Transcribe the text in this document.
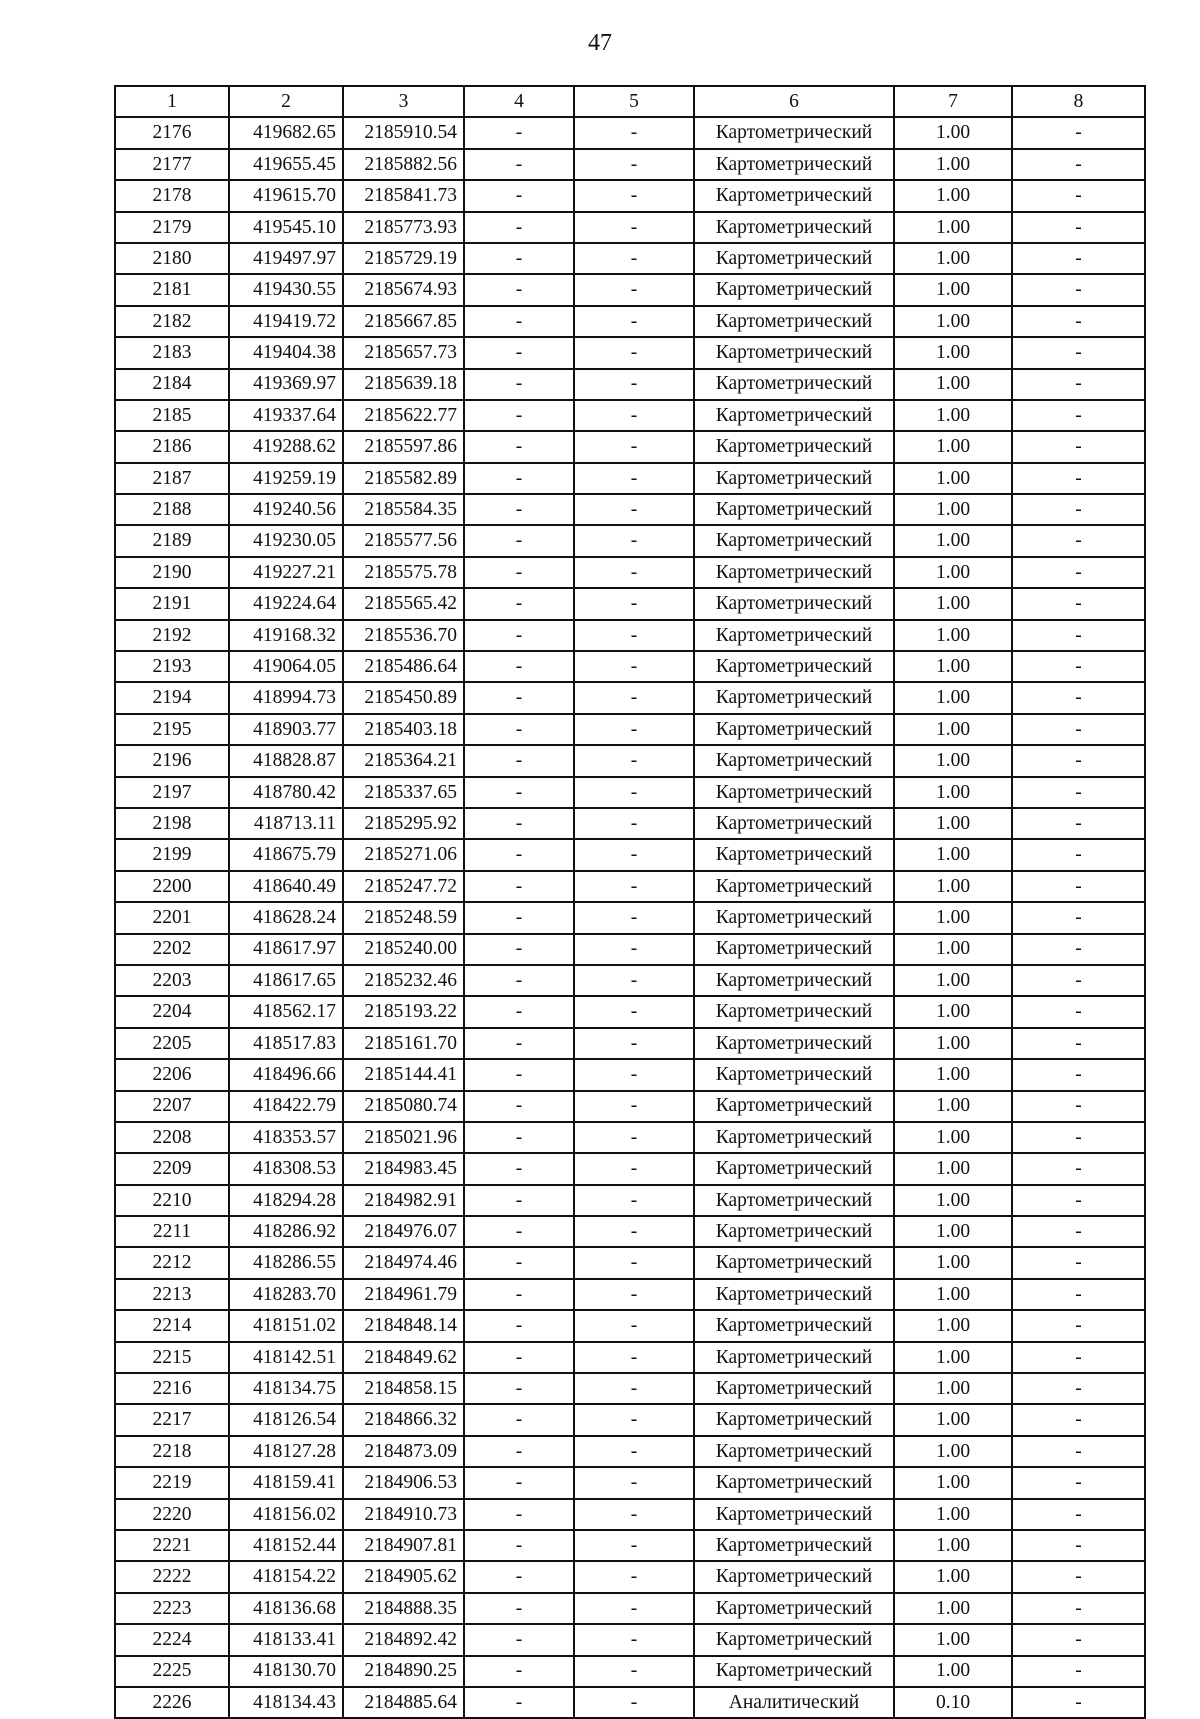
47
1	2	3	4	5	6	7	8
2176	419682.65	2185910.54	-	-	Картометрический	1.00	-
2177	419655.45	2185882.56	-	-	Картометрический	1.00	-
2178	419615.70	2185841.73	-	-	Картометрический	1.00	-
2179	419545.10	2185773.93	-	-	Картометрический	1.00	-
2180	419497.97	2185729.19	-	-	Картометрический	1.00	-
2181	419430.55	2185674.93	-	-	Картометрический	1.00	-
2182	419419.72	2185667.85	-	-	Картометрический	1.00	-
2183	419404.38	2185657.73	-	-	Картометрический	1.00	-
2184	419369.97	2185639.18	-	-	Картометрический	1.00	-
2185	419337.64	2185622.77	-	-	Картометрический	1.00	-
2186	419288.62	2185597.86	-	-	Картометрический	1.00	-
2187	419259.19	2185582.89	-	-	Картометрический	1.00	-
2188	419240.56	2185584.35	-	-	Картометрический	1.00	-
2189	419230.05	2185577.56	-	-	Картометрический	1.00	-
2190	419227.21	2185575.78	-	-	Картометрический	1.00	-
2191	419224.64	2185565.42	-	-	Картометрический	1.00	-
2192	419168.32	2185536.70	-	-	Картометрический	1.00	-
2193	419064.05	2185486.64	-	-	Картометрический	1.00	-
2194	418994.73	2185450.89	-	-	Картометрический	1.00	-
2195	418903.77	2185403.18	-	-	Картометрический	1.00	-
2196	418828.87	2185364.21	-	-	Картометрический	1.00	-
2197	418780.42	2185337.65	-	-	Картометрический	1.00	-
2198	418713.11	2185295.92	-	-	Картометрический	1.00	-
2199	418675.79	2185271.06	-	-	Картометрический	1.00	-
2200	418640.49	2185247.72	-	-	Картометрический	1.00	-
2201	418628.24	2185248.59	-	-	Картометрический	1.00	-
2202	418617.97	2185240.00	-	-	Картометрический	1.00	-
2203	418617.65	2185232.46	-	-	Картометрический	1.00	-
2204	418562.17	2185193.22	-	-	Картометрический	1.00	-
2205	418517.83	2185161.70	-	-	Картометрический	1.00	-
2206	418496.66	2185144.41	-	-	Картометрический	1.00	-
2207	418422.79	2185080.74	-	-	Картометрический	1.00	-
2208	418353.57	2185021.96	-	-	Картометрический	1.00	-
2209	418308.53	2184983.45	-	-	Картометрический	1.00	-
2210	418294.28	2184982.91	-	-	Картометрический	1.00	-
2211	418286.92	2184976.07	-	-	Картометрический	1.00	-
2212	418286.55	2184974.46	-	-	Картометрический	1.00	-
2213	418283.70	2184961.79	-	-	Картометрический	1.00	-
2214	418151.02	2184848.14	-	-	Картометрический	1.00	-
2215	418142.51	2184849.62	-	-	Картометрический	1.00	-
2216	418134.75	2184858.15	-	-	Картометрический	1.00	-
2217	418126.54	2184866.32	-	-	Картометрический	1.00	-
2218	418127.28	2184873.09	-	-	Картометрический	1.00	-
2219	418159.41	2184906.53	-	-	Картометрический	1.00	-
2220	418156.02	2184910.73	-	-	Картометрический	1.00	-
2221	418152.44	2184907.81	-	-	Картометрический	1.00	-
2222	418154.22	2184905.62	-	-	Картометрический	1.00	-
2223	418136.68	2184888.35	-	-	Картометрический	1.00	-
2224	418133.41	2184892.42	-	-	Картометрический	1.00	-
2225	418130.70	2184890.25	-	-	Картометрический	1.00	-
2226	418134.43	2184885.64	-	-	Аналитический	0.10	-
